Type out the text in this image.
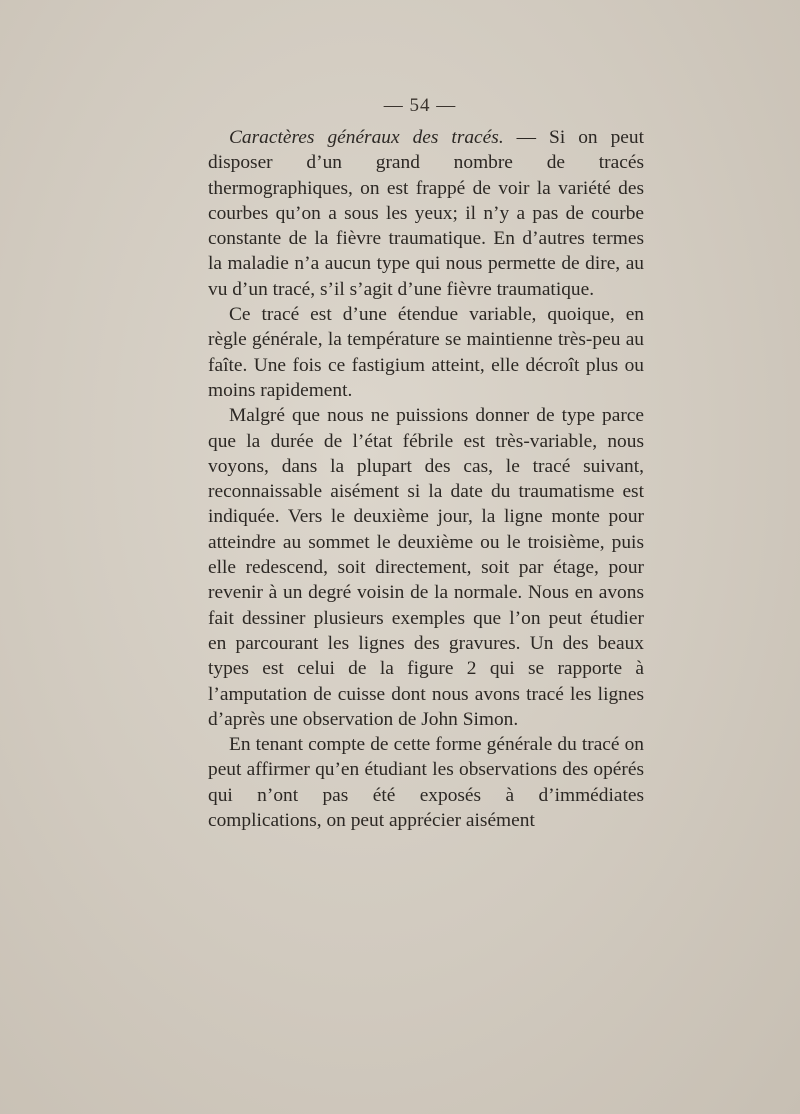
— 54 —

Caractères généraux des tracés. — Si on peut disposer d’un grand nombre de tracés thermographiques, on est frappé de voir la variété des courbes qu’on a sous les yeux; il n’y a pas de courbe constante de la fièvre traumatique. En d’autres termes la maladie n’a aucun type qui nous permette de dire, au vu d’un tracé, s’il s’agit d’une fièvre traumatique.

Ce tracé est d’une étendue variable, quoique, en règle générale, la température se maintienne très-peu au faîte. Une fois ce fastigium atteint, elle décroît plus ou moins rapidement.

Malgré que nous ne puissions donner de type parce que la durée de l’état fébrile est très-variable, nous voyons, dans la plupart des cas, le tracé suivant, reconnaissable aisément si la date du traumatisme est indiquée. Vers le deuxième jour, la ligne monte pour atteindre au sommet le deuxième ou le troisième, puis elle redescend, soit directement, soit par étage, pour revenir à un degré voisin de la normale. Nous en avons fait dessiner plusieurs exemples que l’on peut étudier en parcourant les lignes des gravures. Un des beaux types est celui de la figure 2 qui se rapporte à l’amputation de cuisse dont nous avons tracé les lignes d’après une observation de John Simon.

En tenant compte de cette forme générale du tracé on peut affirmer qu’en étudiant les observations des opérés qui n’ont pas été exposés à d’immédiates complications, on peut apprécier aisément
